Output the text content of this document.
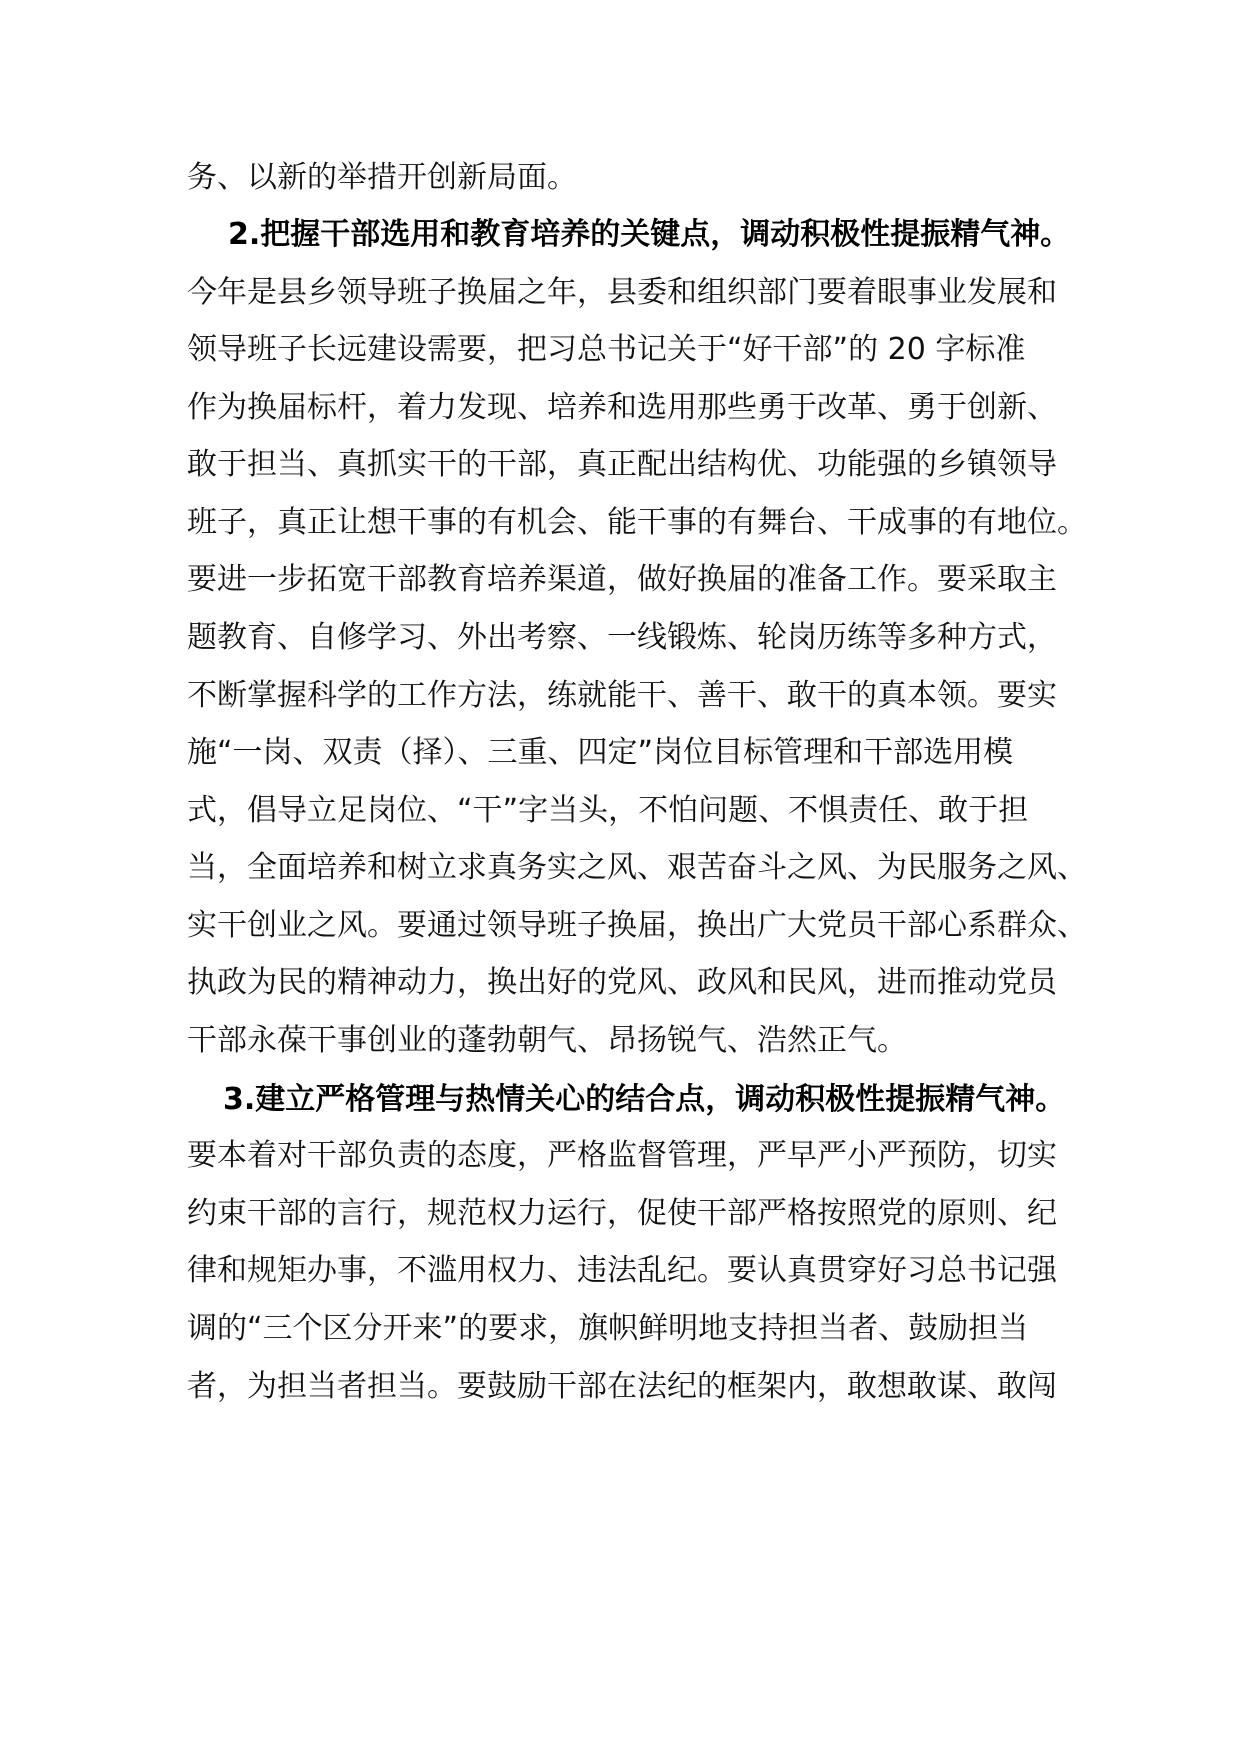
务、以新的举措开创新局面。
2.把握干部选用和教育培养的关键点，调动积极性提振精气神。
今年是县乡领导班子换届之年，县委和组织部门要着眼事业发展和
领导班子长远建设需要，把习总书记关于“好干部”的 20 字标准
作为换届标杆，着力发现、培养和选用那些勇于改革、勇于创新、
敢于担当、真抓实干的干部，真正配出结构优、功能强的乡镇领导
班子，真正让想干事的有机会、能干事的有舞台、干成事的有地位。
要进一步拓宽干部教育培养渠道，做好换届的准备工作。要采取主
题教育、自修学习、外出考察、一线锻炼、轮岗历练等多种方式，
不断掌握科学的工作方法，练就能干、善干、敢干的真本领。要实
施“一岗、双责（择）、三重、四定”岗位目标管理和干部选用模
式，倡导立足岗位、“干”字当头，不怕问题、不惧责任、敢于担
当，全面培养和树立求真务实之风、艰苦奋斗之风、为民服务之风、
实干创业之风。要通过领导班子换届，换出广大党员干部心系群众、
执政为民的精神动力，换出好的党风、政风和民风，进而推动党员
干部永葆干事创业的蓬勃朝气、昂扬锐气、浩然正气。
3.建立严格管理与热情关心的结合点，调动积极性提振精气神。
要本着对干部负责的态度，严格监督管理，严早严小严预防，切实
约束干部的言行，规范权力运行，促使干部严格按照党的原则、纪
律和规矩办事，不滥用权力、违法乱纪。要认真贯穿好习总书记强
调的“三个区分开来”的要求，旗帜鲜明地支持担当者、鼓励担当
者，为担当者担当。要鼓励干部在法纪的框架内，敢想敢谋、敢闯
